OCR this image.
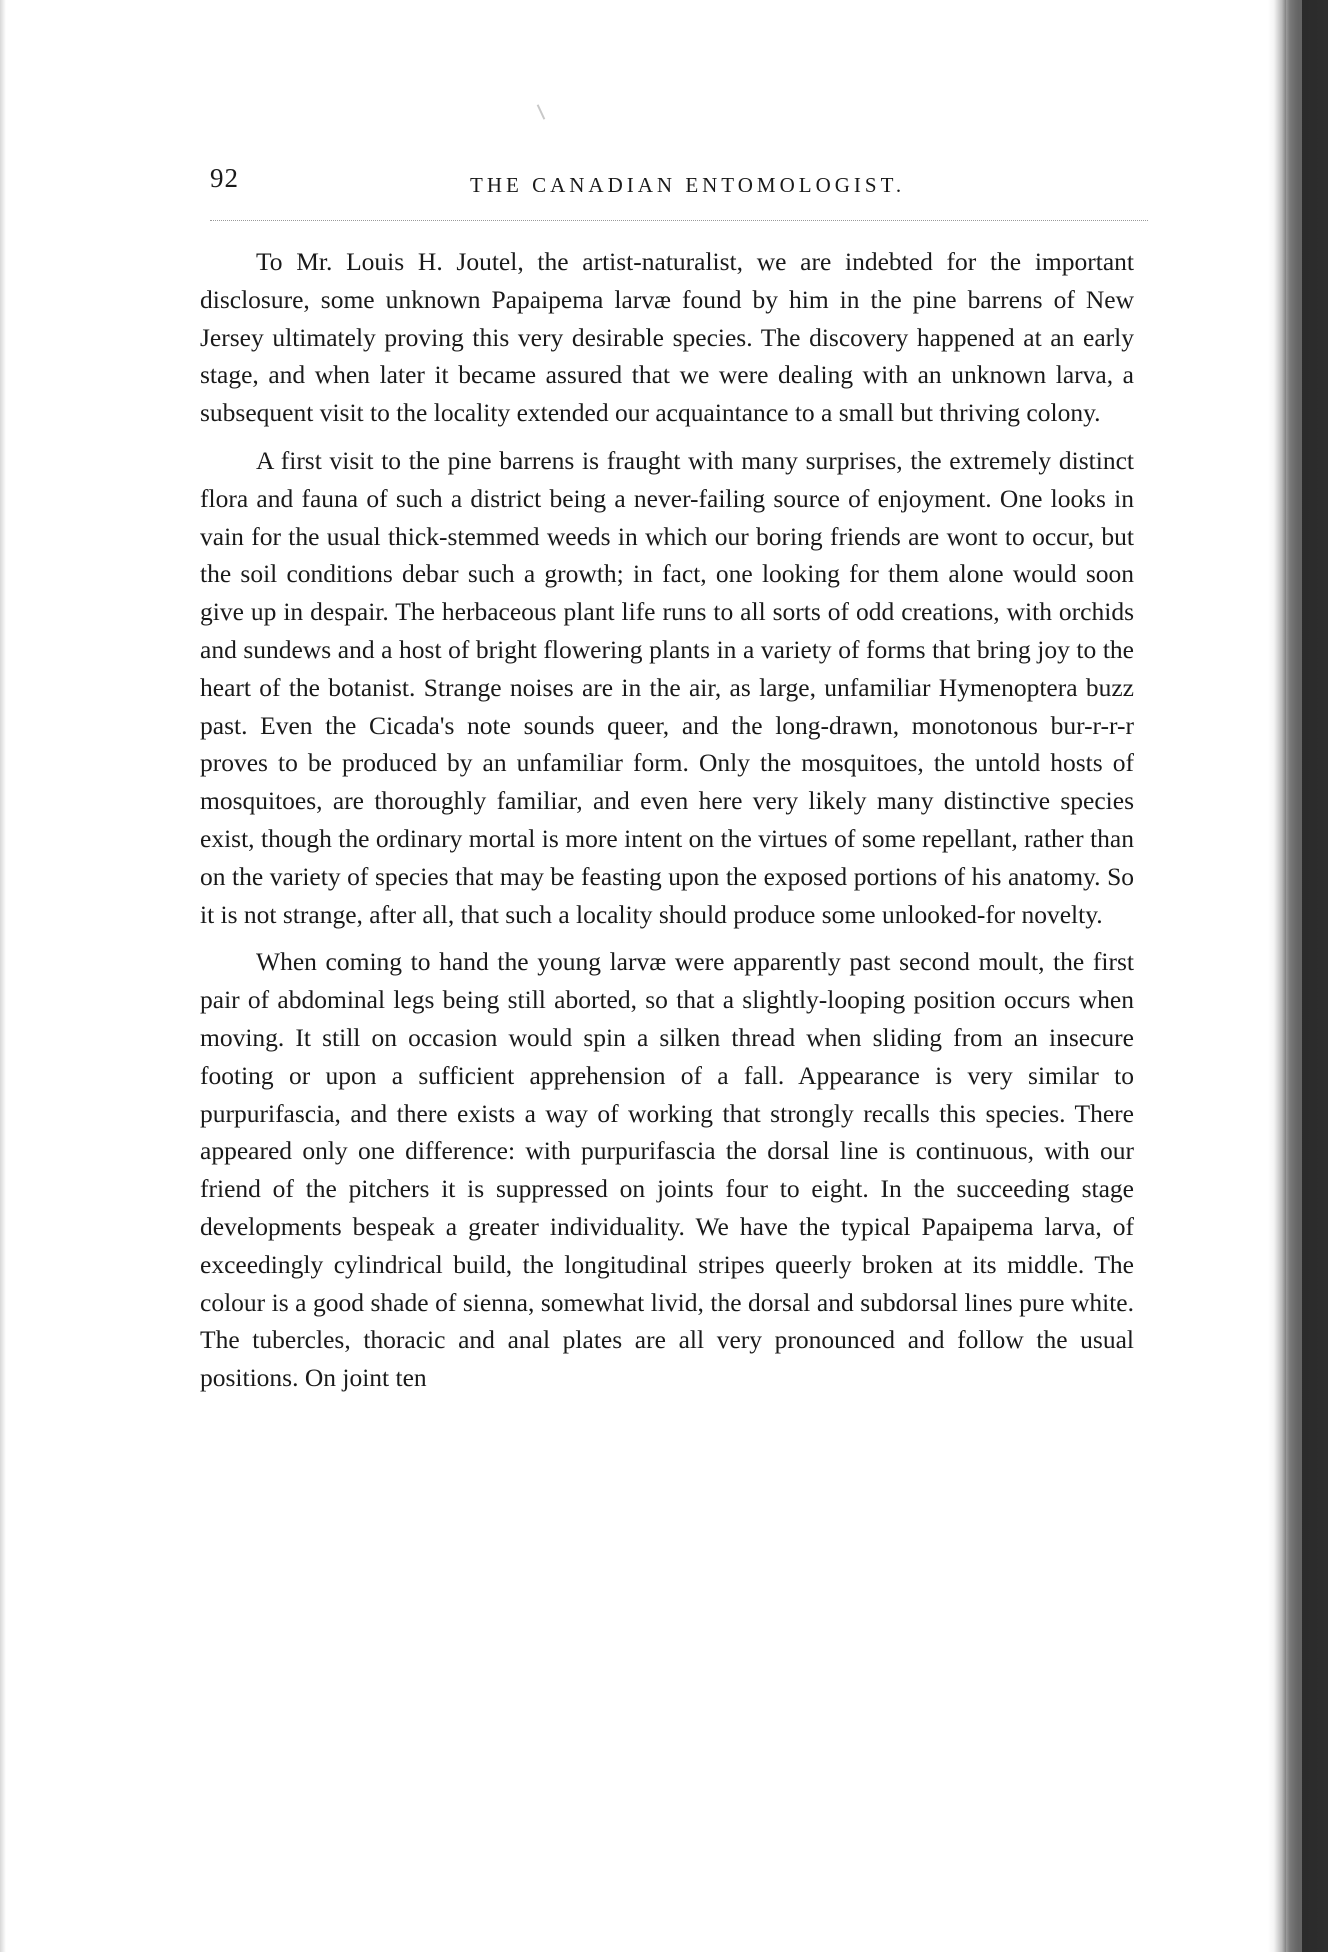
92	THE CANADIAN ENTOMOLOGIST.

To Mr. Louis H. Joutel, the artist-naturalist, we are indebted for the important disclosure, some unknown Papaipema larvæ found by him in the pine barrens of New Jersey ultimately proving this very desirable species. The discovery happened at an early stage, and when later it became assured that we were dealing with an unknown larva, a subsequent visit to the locality extended our acquaintance to a small but thriving colony.

A first visit to the pine barrens is fraught with many surprises, the extremely distinct flora and fauna of such a district being a never-failing source of enjoyment. One looks in vain for the usual thick-stemmed weeds in which our boring friends are wont to occur, but the soil conditions debar such a growth; in fact, one looking for them alone would soon give up in despair. The herbaceous plant life runs to all sorts of odd creations, with orchids and sundews and a host of bright flowering plants in a variety of forms that bring joy to the heart of the botanist. Strange noises are in the air, as large, unfamiliar Hymenoptera buzz past. Even the Cicada's note sounds queer, and the long-drawn, monotonous bur-r-r-r proves to be produced by an unfamiliar form. Only the mosquitoes, the untold hosts of mosquitoes, are thoroughly familiar, and even here very likely many distinctive species exist, though the ordinary mortal is more intent on the virtues of some repellant, rather than on the variety of species that may be feasting upon the exposed portions of his anatomy. So it is not strange, after all, that such a locality should produce some unlooked-for novelty.

When coming to hand the young larvæ were apparently past second moult, the first pair of abdominal legs being still aborted, so that a slightly-looping position occurs when moving. It still on occasion would spin a silken thread when sliding from an insecure footing or upon a sufficient apprehension of a fall. Appearance is very similar to purpurifascia, and there exists a way of working that strongly recalls this species. There appeared only one difference: with purpurifascia the dorsal line is continuous, with our friend of the pitchers it is suppressed on joints four to eight. In the succeeding stage developments bespeak a greater individuality. We have the typical Papaipema larva, of exceedingly cylindrical build, the longitudinal stripes queerly broken at its middle. The colour is a good shade of sienna, somewhat livid, the dorsal and subdorsal lines pure white. The tubercles, thoracic and anal plates are all very pronounced and follow the usual positions. On joint ten
